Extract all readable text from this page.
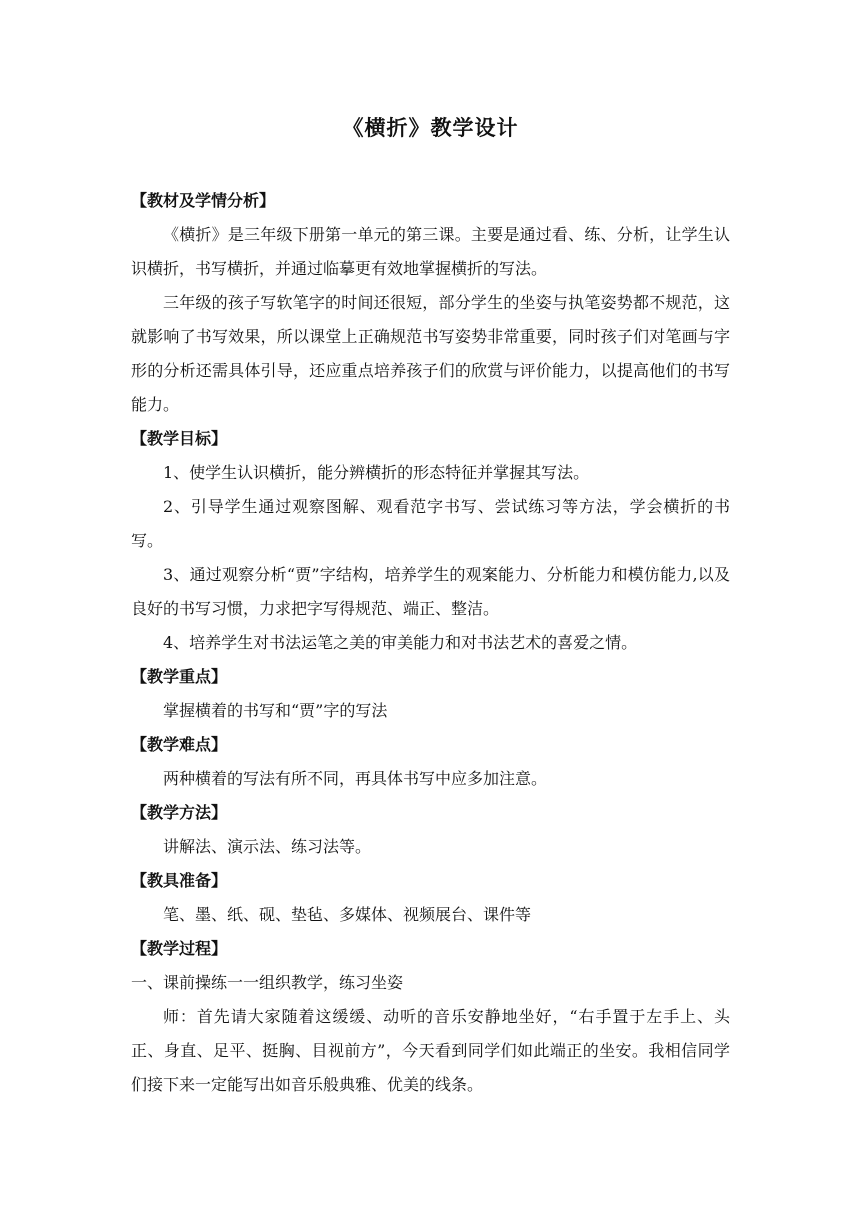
《横折》教学设计
【教材及学情分析】

《横折》是三年级下册第一单元的第三课。主要是通过看、练、分析，让学生认识横折，书写横折，并通过临摹更有效地掌握横折的写法。

三年级的孩子写软笔字的时间还很短，部分学生的坐姿与执笔姿势都不规范，这就影响了书写效果，所以课堂上正确规范书写姿势非常重要，同时孩子们对笔画与字形的分析还需具体引导，还应重点培养孩子们的欣赏与评价能力，以提高他们的书写能力。

【教学目标】

1、使学生认识横折，能分辨横折的形态特征并掌握其写法。

2、引导学生通过观察图解、观看范字书写、尝试练习等方法，学会横折的书写。

3、通过观察分析“贾”字结构，培养学生的观案能力、分析能力和模仿能力,以及良好的书写习惯，力求把字写得规范、端正、整洁。

4、培养学生对书法运笔之美的审美能力和对书法艺术的喜爱之情。

【教学重点】

掌握横着的书写和“贾”字的写法

【教学难点】

两种横着的写法有所不同，再具体书写中应多加注意。

【教学方法】

讲解法、演示法、练习法等。

【教具准备】

笔、墨、纸、砚、垫毡、多媒体、视频展台、课件等

【教学过程】

一、课前操练一一组织教学，练习坐姿

师：首先请大家随着这缓缓、动听的音乐安静地坐好，“右手置于左手上、头正、身直、足平、挺胸、目视前方”，今天看到同学们如此端正的坐安。我相信同学们接下来一定能写出如音乐般典雅、优美的线条。
